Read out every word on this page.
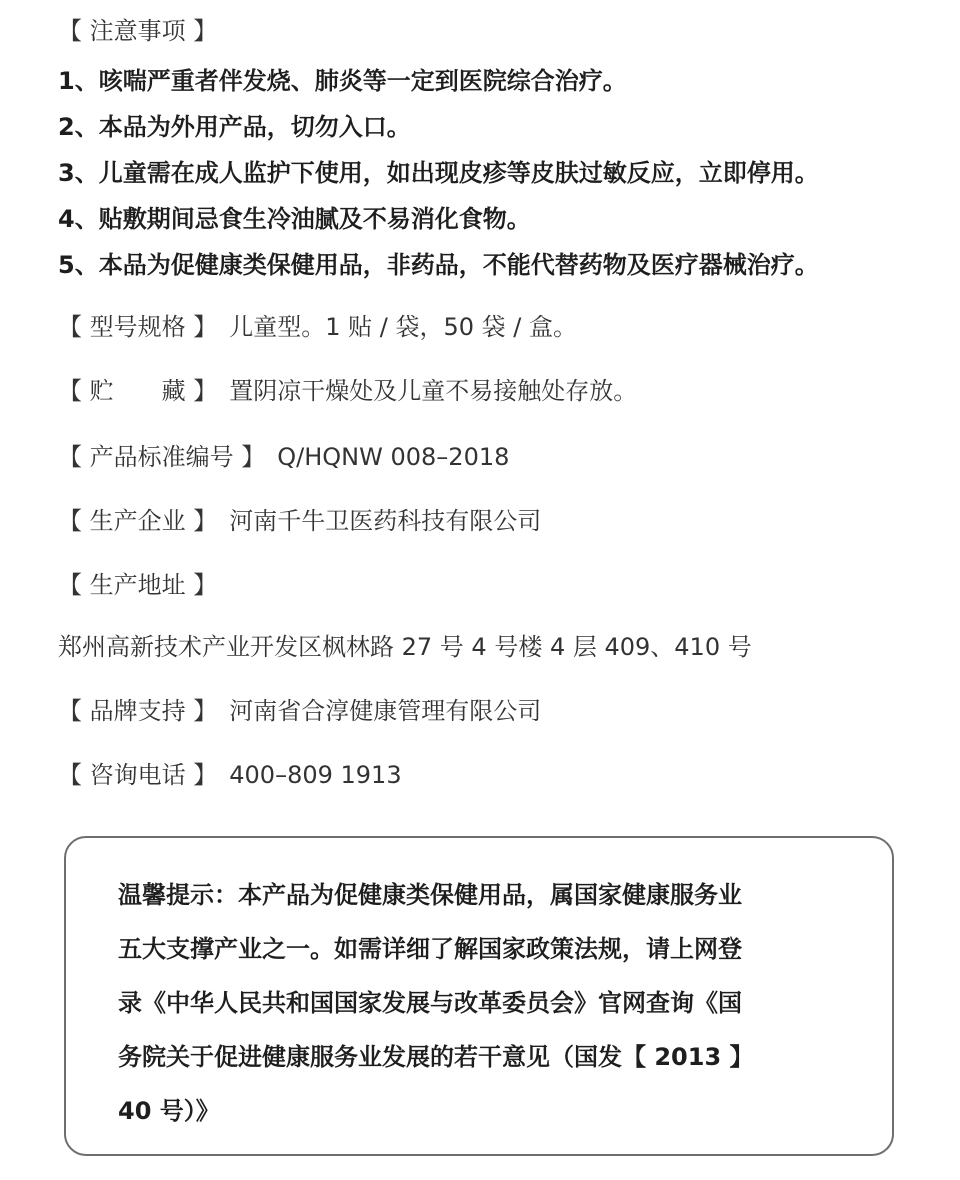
【 注意事项 】
1、咳喘严重者伴发烧、肺炎等一定到医院综合治疗。
2、本品为外用产品，切勿入口。
3、儿童需在成人监护下使用，如出现皮疹等皮肤过敏反应，立即停用。
4、贴敷期间忌食生冷油腻及不易消化食物。
5、本品为促健康类保健用品，非药品，不能代替药物及医疗器械治疗。
【 型号规格 】 儿童型。1 贴 / 袋，50 袋 / 盒。
【 贮　　藏 】 置阴凉干燥处及儿童不易接触处存放。
【 产品标准编号 】 Q/HQNW 008–2018
【 生产企业 】 河南千牛卫医药科技有限公司
【 生产地址 】
郑州高新技术产业开发区枫林路 27 号 4 号楼 4 层 409、410 号
【 品牌支持 】 河南省合淳健康管理有限公司
【 咨询电话 】 400–809 1913
温馨提示：本产品为促健康类保健用品，属国家健康服务业
五大支撑产业之一。如需详细了解国家政策法规，请上网登
录《中华人民共和国国家发展与改革委员会》官网查询《国
务院关于促进健康服务业发展的若干意见（国发【 2013 】
40 号）》
